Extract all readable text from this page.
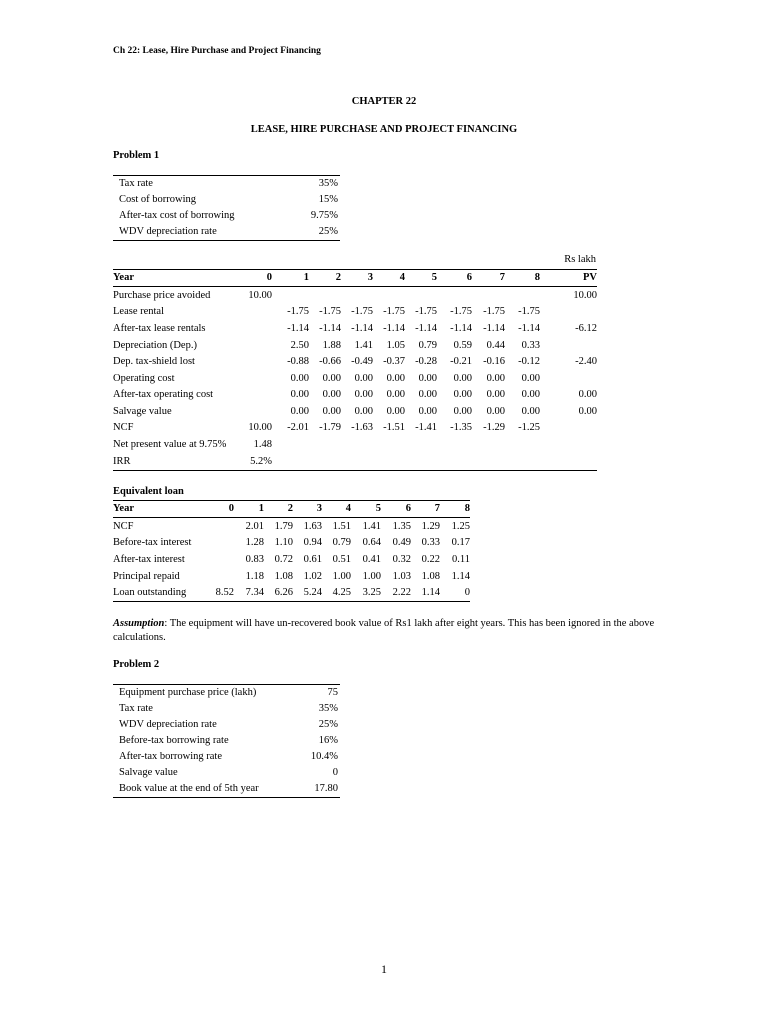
Ch 22: Lease, Hire Purchase and Project Financing
CHAPTER 22
LEASE, HIRE PURCHASE AND PROJECT FINANCING
Problem 1
Tax rate	35%
Cost of borrowing	15%
After-tax cost of borrowing	9.75%
WDV depreciation rate	25%
Rs lakh
Year	0	1	2	3	4	5	6	7	8	PV
Purchase price avoided	10.00									10.00
Lease rental		-1.75	-1.75	-1.75	-1.75	-1.75	-1.75	-1.75	-1.75	
After-tax lease rentals		-1.14	-1.14	-1.14	-1.14	-1.14	-1.14	-1.14	-1.14	-6.12
Depreciation (Dep.)		2.50	1.88	1.41	1.05	0.79	0.59	0.44	0.33	
Dep. tax-shield lost		-0.88	-0.66	-0.49	-0.37	-0.28	-0.21	-0.16	-0.12	-2.40
Operating cost		0.00	0.00	0.00	0.00	0.00	0.00	0.00	0.00	
After-tax operating cost		0.00	0.00	0.00	0.00	0.00	0.00	0.00	0.00	0.00
Salvage value		0.00	0.00	0.00	0.00	0.00	0.00	0.00	0.00	0.00
NCF	10.00	-2.01	-1.79	-1.63	-1.51	-1.41	-1.35	-1.29	-1.25	
Net present value at 9.75%	1.48									
IRR	5.2%									
Equivalent loan
Year	0	1	2	3	4	5	6	7	8
NCF		2.01	1.79	1.63	1.51	1.41	1.35	1.29	1.25
Before-tax interest		1.28	1.10	0.94	0.79	0.64	0.49	0.33	0.17
After-tax interest		0.83	0.72	0.61	0.51	0.41	0.32	0.22	0.11
Principal repaid		1.18	1.08	1.02	1.00	1.00	1.03	1.08	1.14
Loan outstanding	8.52	7.34	6.26	5.24	4.25	3.25	2.22	1.14	0
Assumption: The equipment will have un-recovered book value of Rs1 lakh after eight years. This has been ignored in the above calculations.
Problem 2
Equipment purchase price (lakh)	75
Tax rate	35%
WDV depreciation rate	25%
Before-tax borrowing rate	16%
After-tax borrowing rate	10.4%
Salvage value	0
Book value at the end of 5th year	17.80
1
